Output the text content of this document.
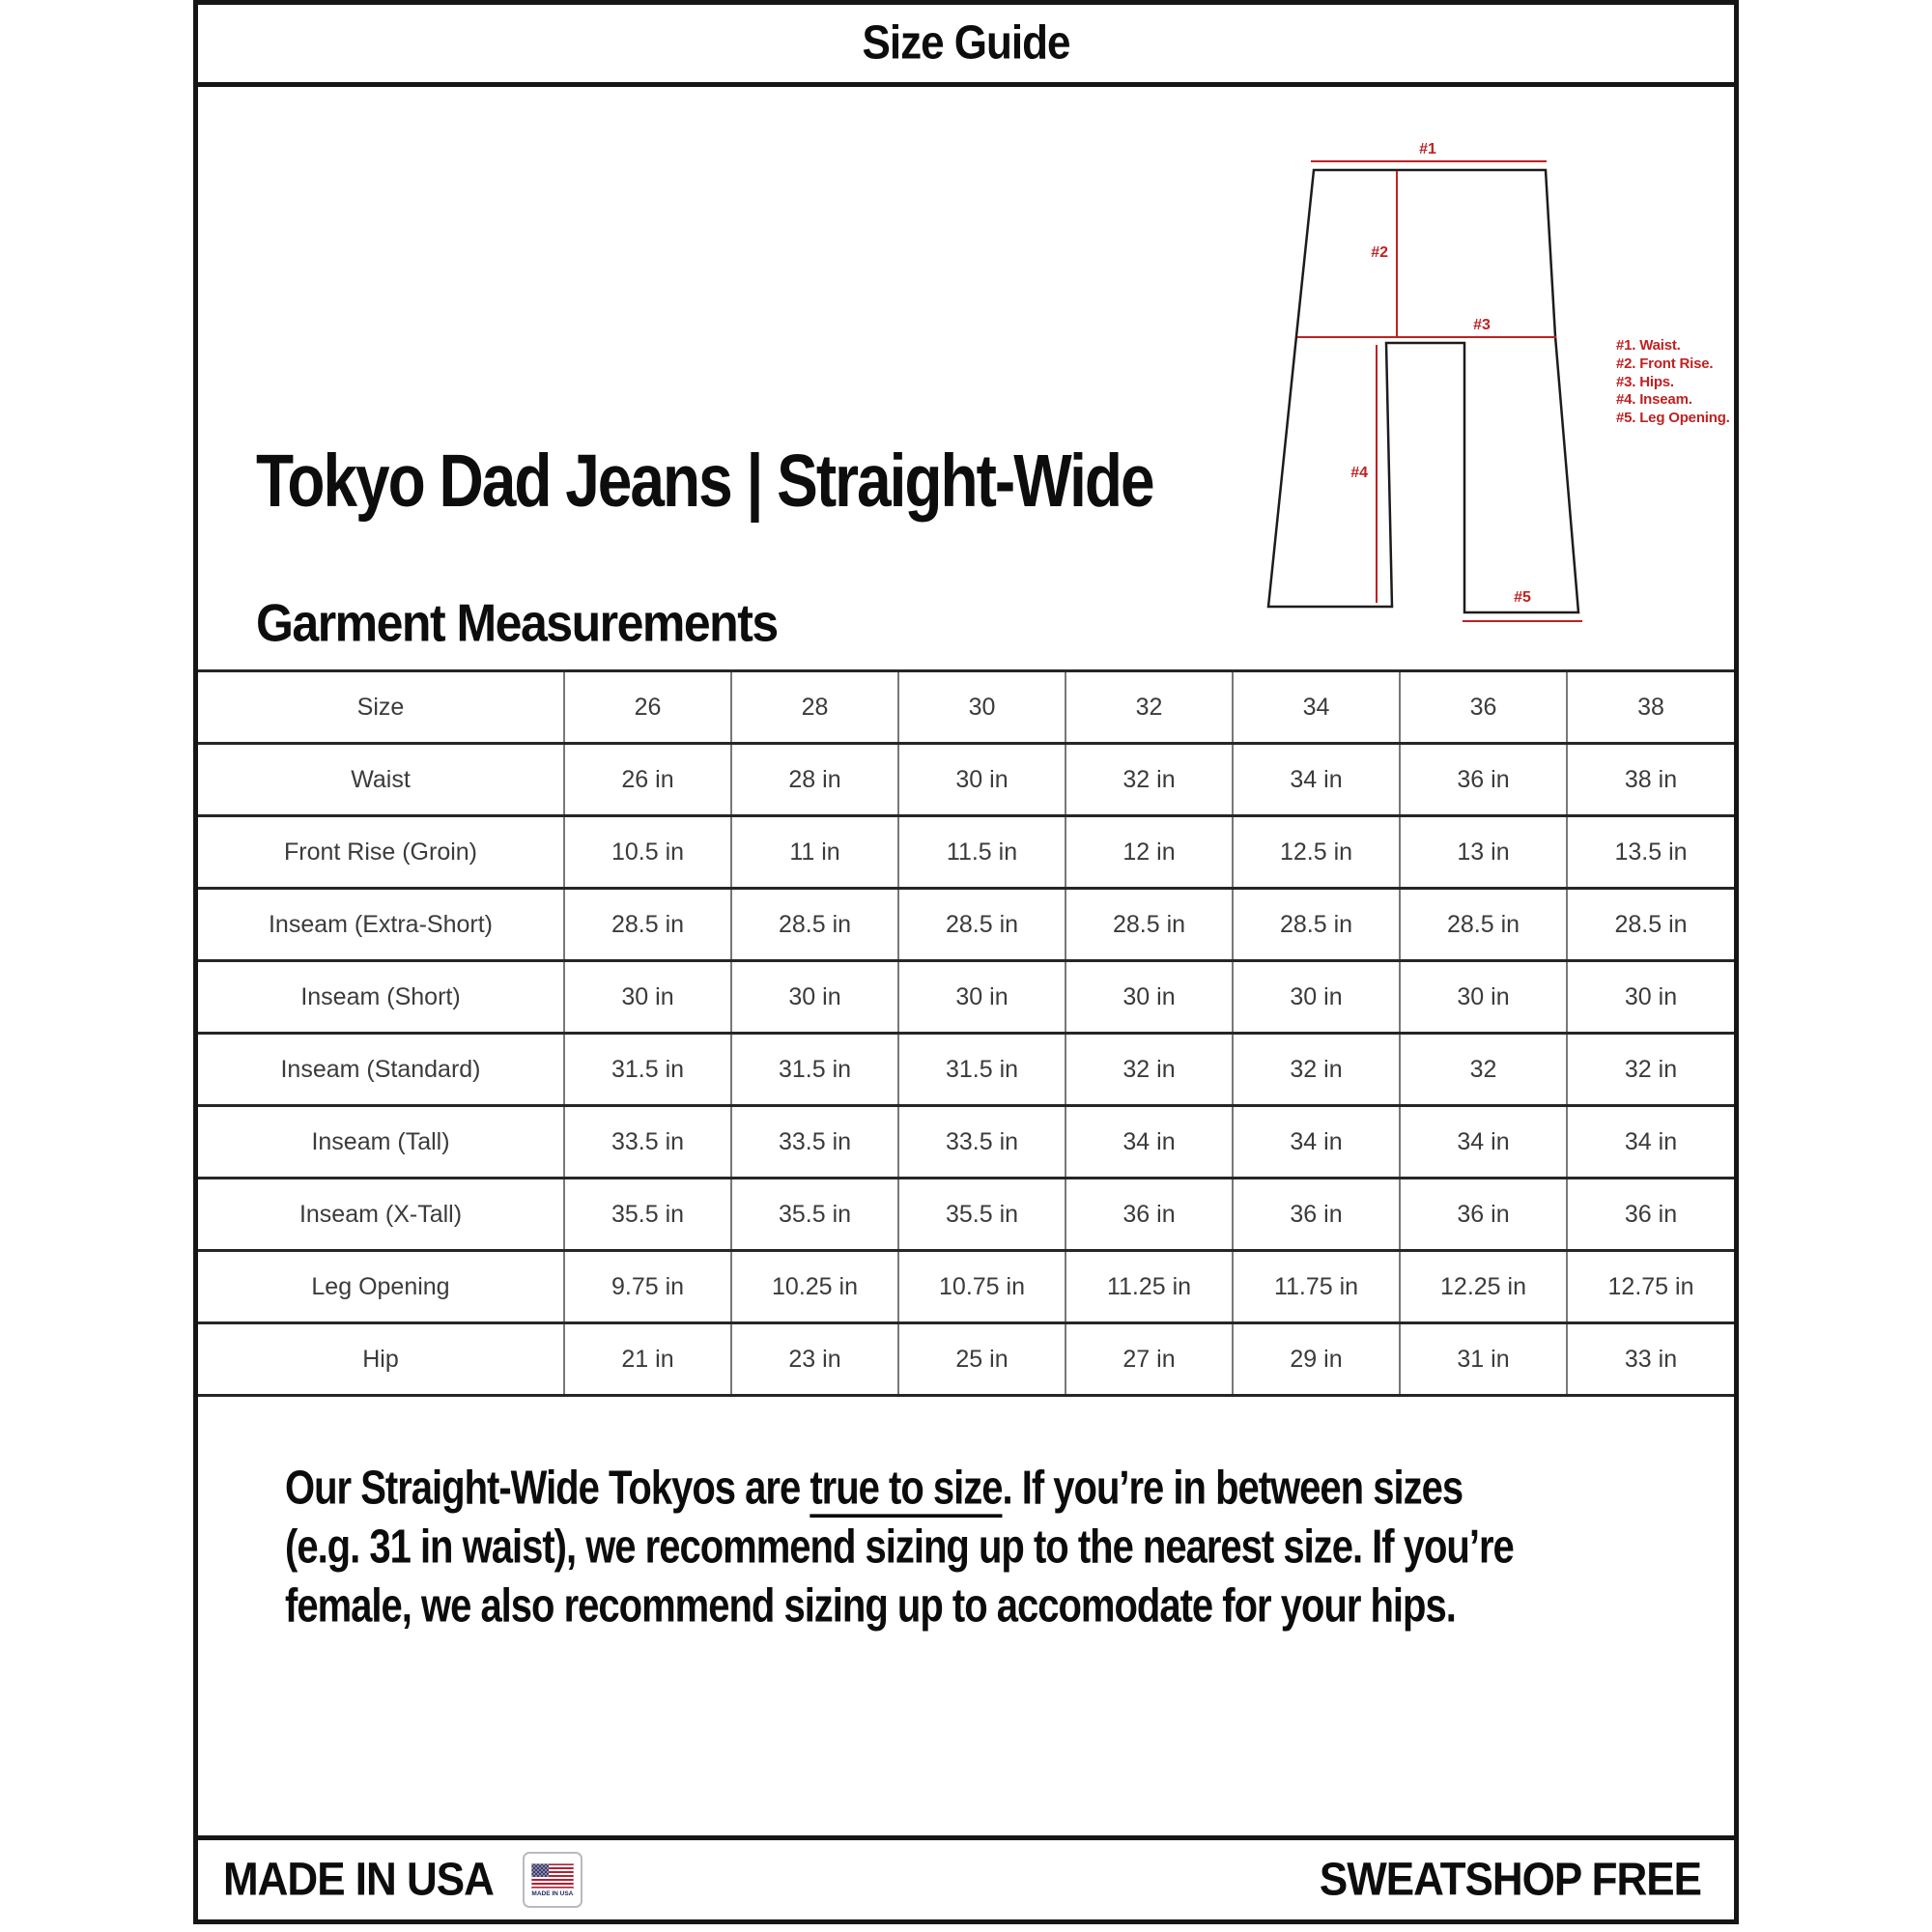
Size Guide
Tokyo Dad Jeans | Straight-Wide
Garment Measurements
Size	26	28	30	32	34	36	38
Waist	26 in	28 in	30 in	32 in	34 in	36 in	38 in
Front Rise (Groin)	10.5 in	11 in	11.5 in	12 in	12.5 in	13 in	13.5 in
Inseam (Extra-Short)	28.5 in	28.5 in	28.5 in	28.5 in	28.5 in	28.5 in	28.5 in
Inseam (Short)	30 in	30 in	30 in	30 in	30 in	30 in	30 in
Inseam (Standard)	31.5 in	31.5 in	31.5 in	32 in	32 in	32	32 in
Inseam (Tall)	33.5 in	33.5 in	33.5 in	34 in	34 in	34 in	34 in
Inseam (X-Tall)	35.5 in	35.5 in	35.5 in	36 in	36 in	36 in	36 in
Leg Opening	9.75 in	10.25 in	10.75 in	11.25 in	11.75 in	12.25 in	12.75 in
Hip	21 in	23 in	25 in	27 in	29 in	31 in	33 in
Our Straight-Wide Tokyos are true to size. If you’re in between sizes
(e.g. 31 in waist), we recommend sizing up to the nearest size. If you’re
female, we also recommend sizing up to accomodate for your hips.
MADE IN USA	MADE IN USA	SWEATSHOP FREE
#1
#2
#3
#4
#5
#1. Waist.
#2. Front Rise.
#3. Hips.
#4. Inseam.
#5. Leg Opening.
